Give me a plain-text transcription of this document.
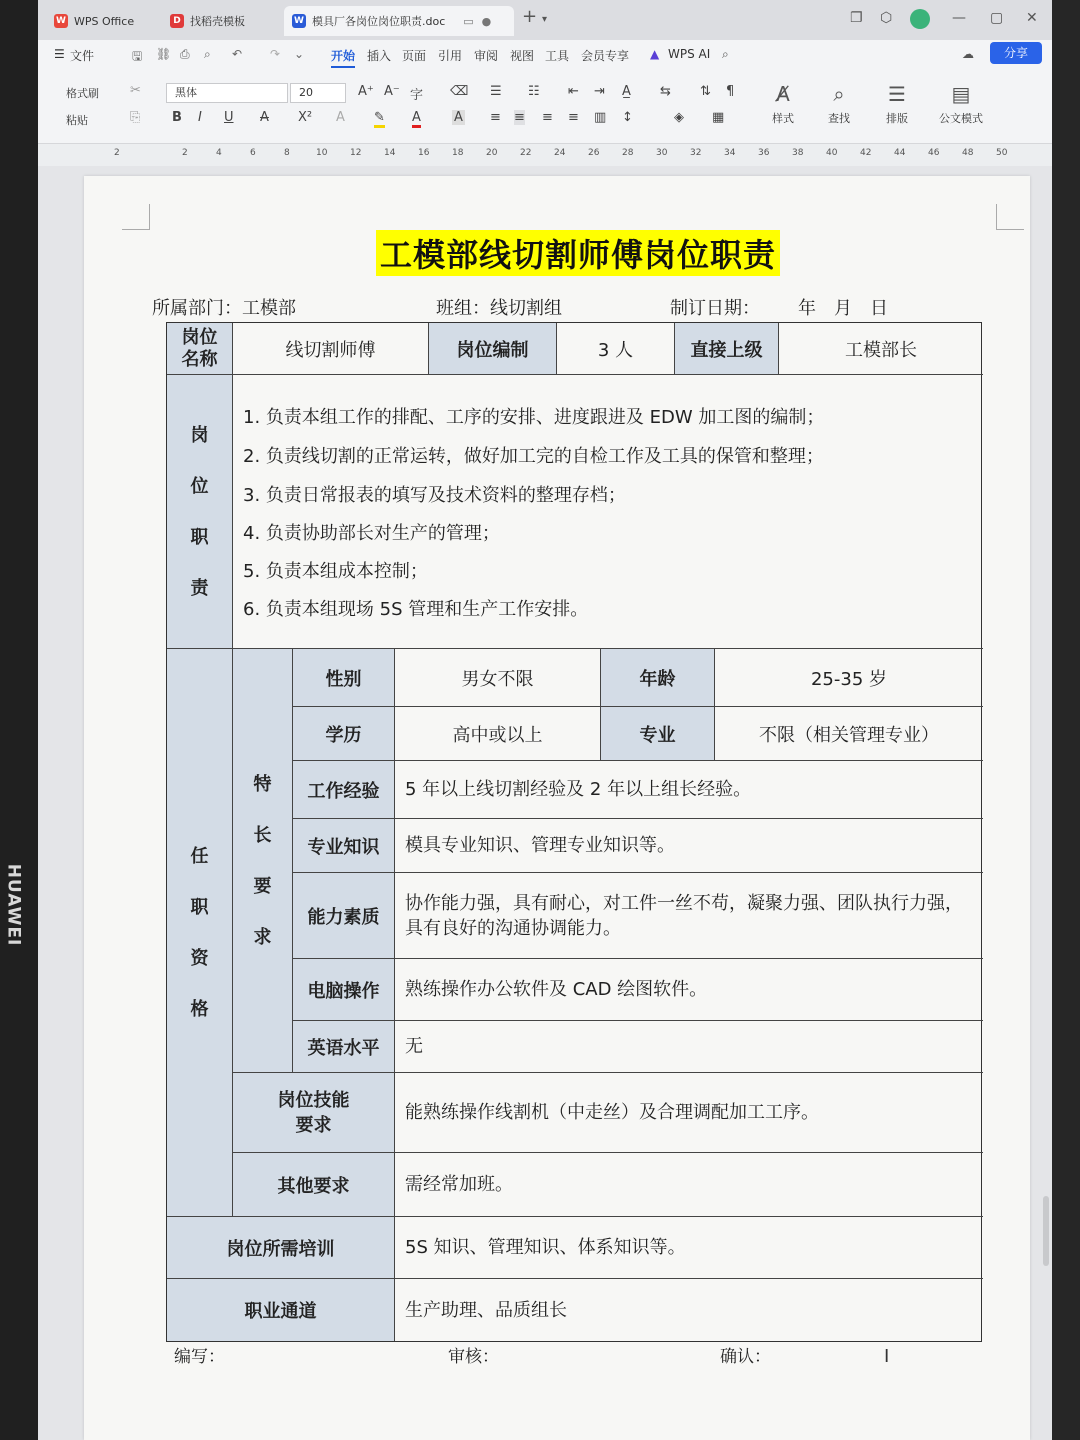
HUAWEI
W WPS Office	D 找稻壳模板	W 模具厂各岗位岗位职责.doc ▭ ● + ▾	❐ ⬡	— ▢ ✕
☰ 文件	🖫 ⛓ ⎙ ⌕ ↶ ↷ ⌄ 开始 插入 页面 引用 审阅 视图 工具 会员专享 ▲ WPS AI ⌕	☁	分享
格式刷 ✂
粘贴	⎘
黑体	20	A⁺ A⁻ 字 ⌫
B I U A X² A ✎ A	A
☰ ☷ ⇤ ⇥ A̲ ⇆ ⇅ ¶
≡ ≡ ≡ ≡ ▥ ↕	◈ ▦
A̸
样式
⌕
查找
☰
排版
▤
公文模式
2	2	4	6	8	10	12	14	16	18	20	22	24	26	28	30	32	34	36	38	40	42	44	46	48	50
工模部线切割师傅岗位职责
所属部门：工模部	班组：线切割组	制订日期： 年　月　日
岗位名称	线切割师傅	岗位编制	3 人	直接上级	工模部长
岗
位
职
责
1. 负责本组工作的排配、工序的安排、进度跟进及 EDW 加工图的编制；
2. 负责线切割的正常运转，做好加工完的自检工作及工具的保管和整理；
3. 负责日常报表的填写及技术资料的整理存档；
4. 负责协助部长对生产的管理；
5. 负责本组成本控制；
6. 负责本组现场 5S 管理和生产工作安排。
任
职
资
格
特
长
要
求
性别	男女不限	年龄	25-35 岁
学历	高中或以上	专业	不限（相关管理专业）
工作经验	5 年以上线切割经验及 2 年以上组长经验。
专业知识	模具专业知识、管理专业知识等。
能力素质
协作能力强，具有耐心，对工件一丝不苟，凝聚力强、团队执行力强，具有良好的沟通协调能力。
电脑操作	熟练操作办公软件及 CAD 绘图软件。
英语水平	无
岗位技能要求
能熟练操作线割机（中走丝）及合理调配加工工序。
其他要求	需经常加班。
岗位所需培训	5S 知识、管理知识、体系知识等。
职业通道	生产助理、品质组长
编写：	审核：	确认：	I
